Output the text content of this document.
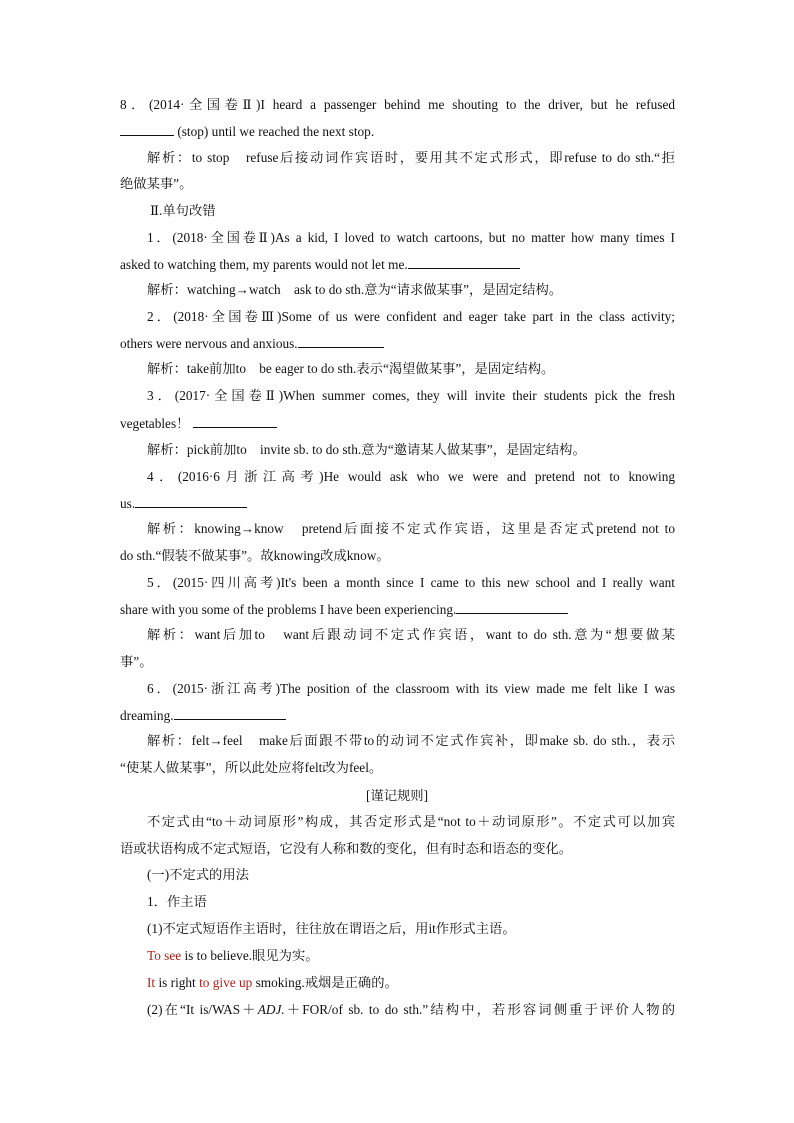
8．(2014·全国卷Ⅱ)I heard a passenger behind me shouting to the driver, but he refused
(stop) until we reached the next stop.
解析：to stop　refuse后接动词作宾语时，要用其不定式形式，即refuse to do sth.“拒
绝做某事”。
Ⅱ.单句改错
1．(2018·全国卷Ⅱ)As a kid, I loved to watch cartoons, but no matter how many times I
asked to watching them, my parents would not let me.
解析：watching→watch　ask to do sth.意为“请求做某事”，是固定结构。
2．(2018·全国卷Ⅲ)Some of us were confident and eager take part in the class activity;
others were nervous and anxious.
解析：take前加to　be eager to do sth.表示“渴望做某事”，是固定结构。
3．(2017·全国卷Ⅱ)When summer comes, they will invite their students pick the fresh
vegetables！
解析：pick前加to　invite sb. to do sth.意为“邀请某人做某事”，是固定结构。
4．(2016·6月浙江高考)He would ask who we were and pretend not to knowing
us.
解析：knowing→know　pretend后面接不定式作宾语，这里是否定式pretend not to
do sth.“假装不做某事”。故knowing改成know。
5．(2015·四川高考)It's been a month since I came to this new school and I really want
share with you some of the problems I have been experiencing.
解析：want后加to　want后跟动词不定式作宾语，want to do sth.意为“想要做某
事”。
6．(2015·浙江高考)The position of the classroom with its view made me felt like I was
dreaming.
解析：felt→feel　make后面跟不带to的动词不定式作宾补，即make sb. do sth.，表示
“使某人做某事”，所以此处应将felt改为feel。
[谨记规则]
不定式由“to＋动词原形”构成，其否定形式是“not to＋动词原形”。不定式可以加宾
语或状语构成不定式短语，它没有人称和数的变化，但有时态和语态的变化。
(一)不定式的用法
1．作主语
(1)不定式短语作主语时，往往放在谓语之后，用it作形式主语。
To see is to believe.眼见为实。
It is right to give up smoking.戒烟是正确的。
(2)在“It is/WAS＋ADJ.＋FOR/of sb. to do sth.”结构中，若形容词侧重于评价人物的
